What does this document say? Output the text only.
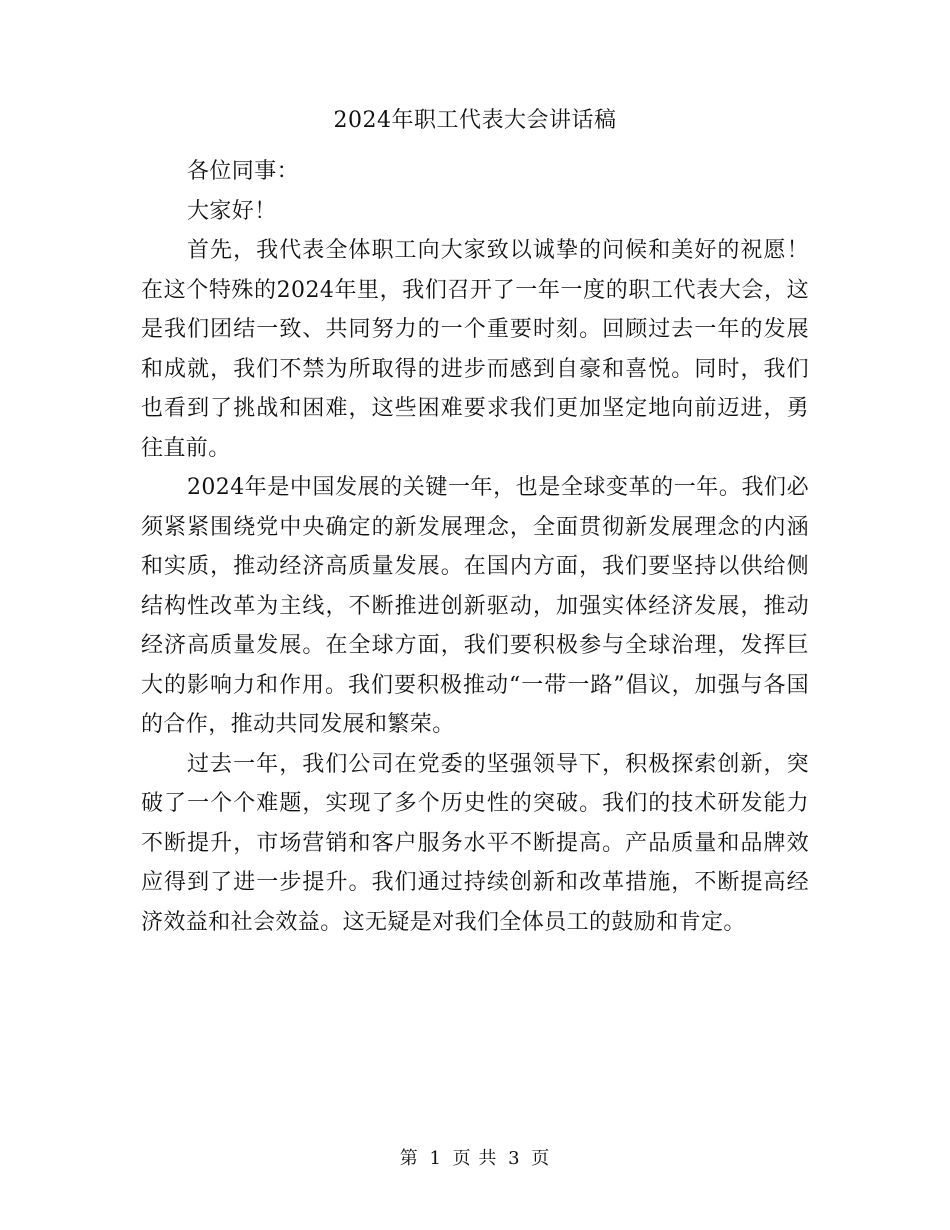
2024年职工代表大会讲话稿

各位同事：

大家好！

首先，我代表全体职工向大家致以诚挚的问候和美好的祝愿！在这个特殊的2024年里，我们召开了一年一度的职工代表大会，这是我们团结一致、共同努力的一个重要时刻。回顾过去一年的发展和成就，我们不禁为所取得的进步而感到自豪和喜悦。同时，我们也看到了挑战和困难，这些困难要求我们更加坚定地向前迈进，勇往直前。

2024年是中国发展的关键一年，也是全球变革的一年。我们必须紧紧围绕党中央确定的新发展理念，全面贯彻新发展理念的内涵和实质，推动经济高质量发展。在国内方面，我们要坚持以供给侧结构性改革为主线，不断推进创新驱动，加强实体经济发展，推动经济高质量发展。在全球方面，我们要积极参与全球治理，发挥巨大的影响力和作用。我们要积极推动“一带一路”倡议，加强与各国的合作，推动共同发展和繁荣。

过去一年，我们公司在党委的坚强领导下，积极探索创新，突破了一个个难题，实现了多个历史性的突破。我们的技术研发能力不断提升，市场营销和客户服务水平不断提高。产品质量和品牌效应得到了进一步提升。我们通过持续创新和改革措施，不断提高经济效益和社会效益。这无疑是对我们全体员工的鼓励和肯定。

第 1 页 共 3 页
